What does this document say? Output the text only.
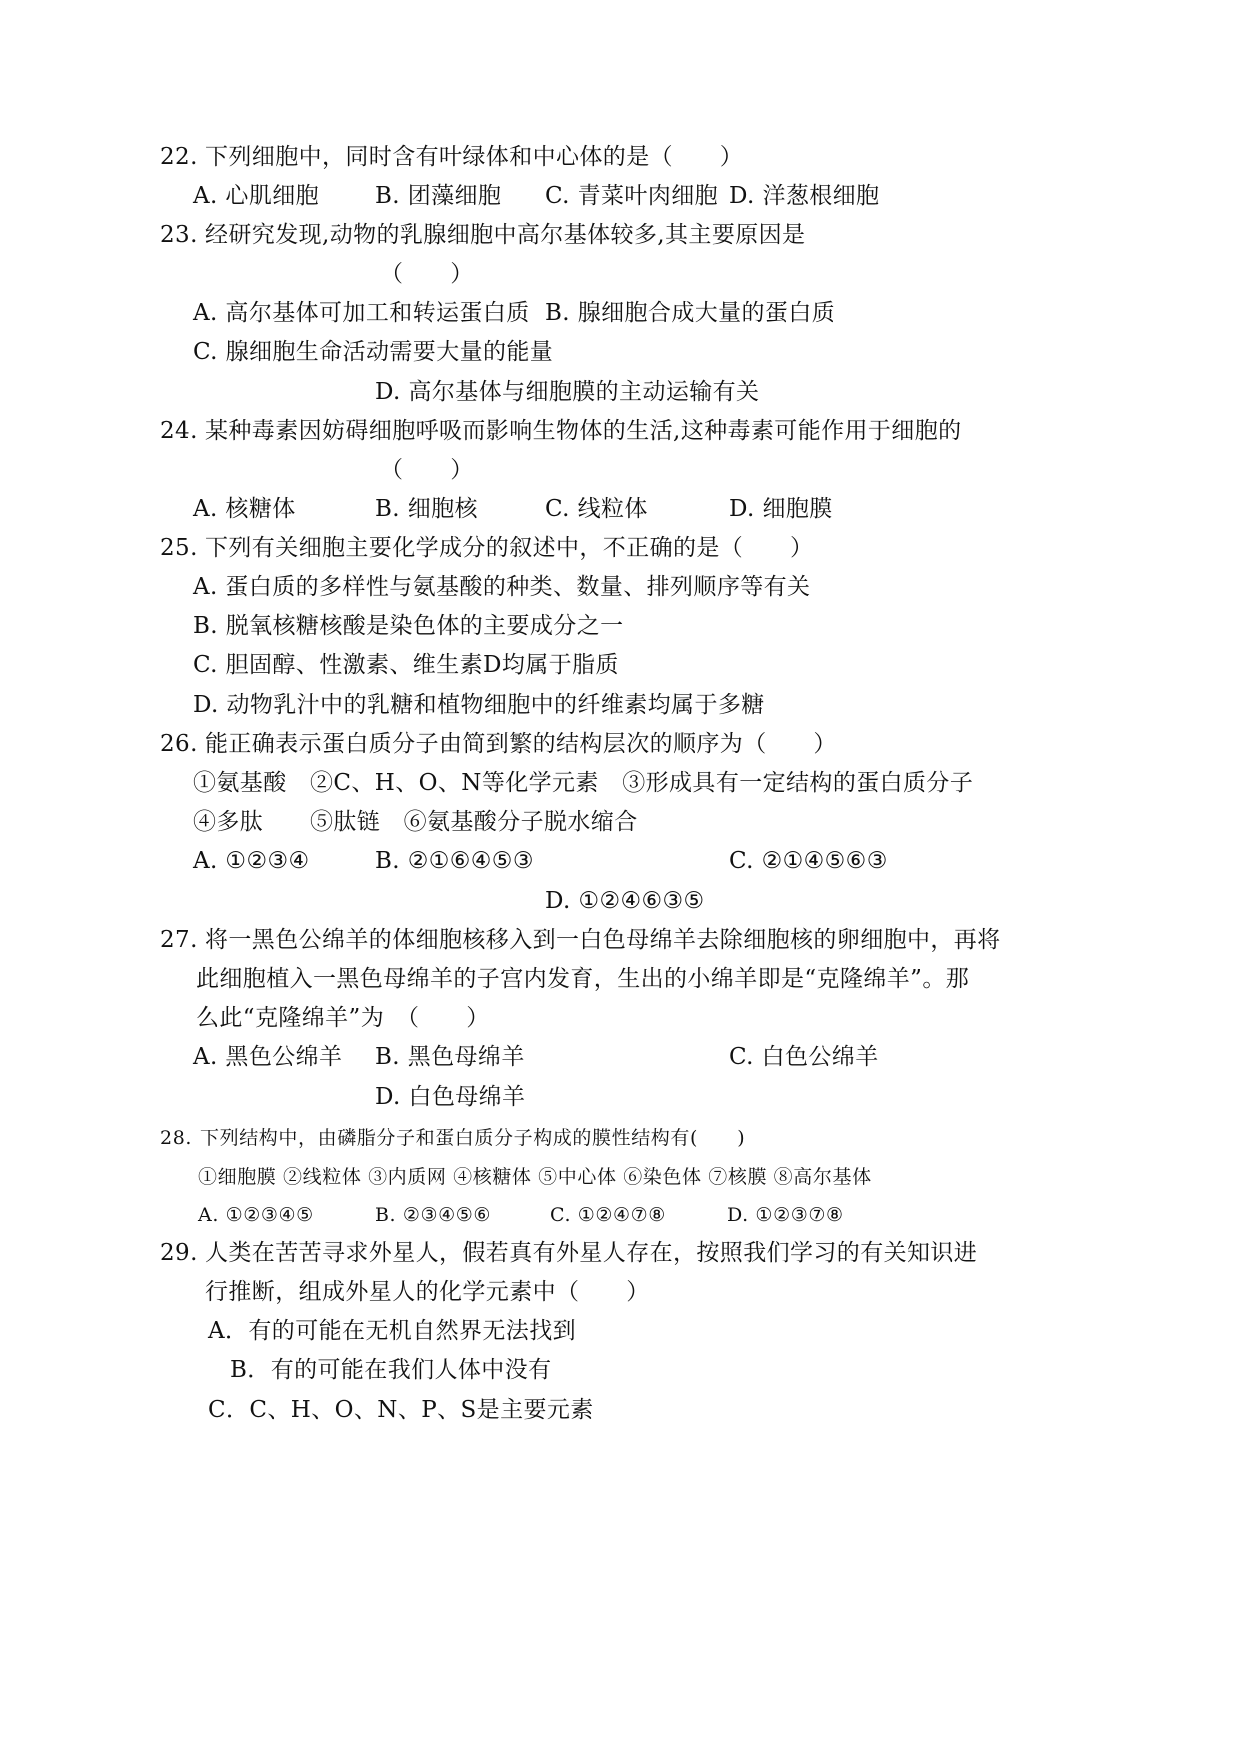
22. 下列细胞中，同时含有叶绿体和中心体的是（　　）
A. 心肌细胞 B. 团藻细胞 C. 青菜叶肉细胞 D. 洋葱根细胞
23. 经研究发现,动物的乳腺细胞中高尔基体较多,其主要原因是
（　　）
A. 高尔基体可加工和转运蛋白质 B. 腺细胞合成大量的蛋白质
C. 腺细胞生命活动需要大量的能量
D. 高尔基体与细胞膜的主动运输有关
24. 某种毒素因妨碍细胞呼吸而影响生物体的生活,这种毒素可能作用于细胞的
（　　）
A. 核糖体	B. 细胞核	C. 线粒体	D. 细胞膜
25. 下列有关细胞主要化学成分的叙述中，不正确的是（　　）
A. 蛋白质的多样性与氨基酸的种类、数量、排列顺序等有关
B. 脱氧核糖核酸是染色体的主要成分之一
C. 胆固醇、性激素、维生素D均属于脂质
D. 动物乳汁中的乳糖和植物细胞中的纤维素均属于多糖
26. 能正确表示蛋白质分子由简到繁的结构层次的顺序为（　　）
①氨基酸　②C、H、O、N等化学元素　③形成具有一定结构的蛋白质分子
④多肽　　⑤肽链　⑥氨基酸分子脱水缩合
A. ①②③④	B. ②①⑥④⑤③	C. ②①④⑤⑥③
D. ①②④⑥③⑤
27. 将一黑色公绵羊的体细胞核移入到一白色母绵羊去除细胞核的卵细胞中，再将
此细胞植入一黑色母绵羊的子宫内发育，生出的小绵羊即是“克隆绵羊”。那
么此“克隆绵羊”为　（　　）
A. 黑色公绵羊 B. 黑色母绵羊	C. 白色公绵羊
D. 白色母绵羊
28. 下列结构中，由磷脂分子和蛋白质分子构成的膜性结构有(　　)
①细胞膜 ②线粒体 ③内质网 ④核糖体 ⑤中心体 ⑥染色体 ⑦核膜 ⑧高尔基体
A. ①②③④⑤	B. ②③④⑤⑥	C. ①②④⑦⑧	D. ①②③⑦⑧
29. 人类在苦苦寻求外星人，假若真有外星人存在，按照我们学习的有关知识进
行推断，组成外星人的化学元素中（　　）
A．有的可能在无机自然界无法找到
B．有的可能在我们人体中没有
C．C、H、O、N、P、S是主要元素
